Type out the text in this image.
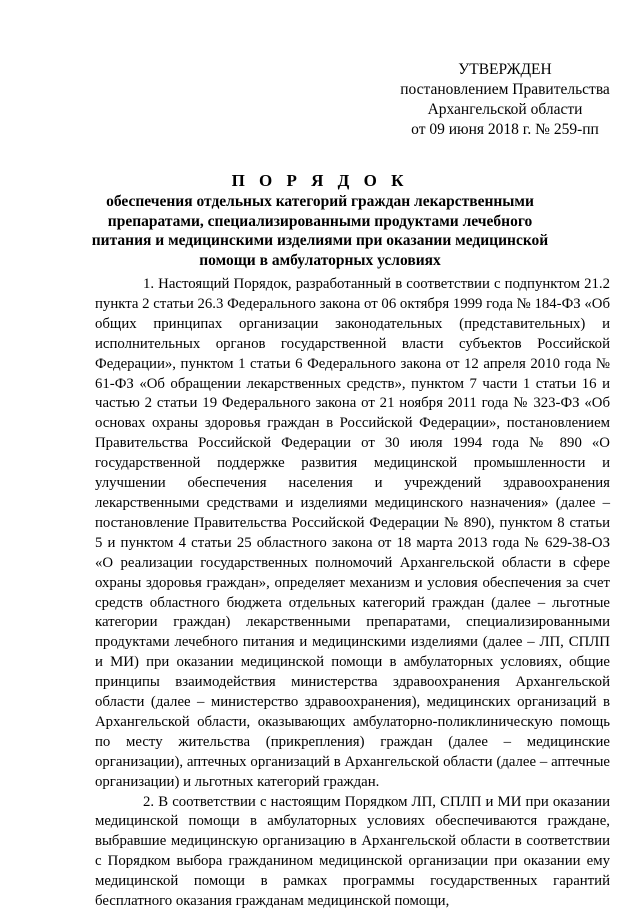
УТВЕРЖДЕН
постановлением Правительства
Архангельской области
от 09 июня 2018 г. № 259-пп
П О Р Я Д О К
обеспечения отдельных категорий граждан лекарственными препаратами, специализированными продуктами лечебного питания и медицинскими изделиями при оказании медицинской помощи в амбулаторных условиях

1. Настоящий Порядок, разработанный в соответствии с подпунктом 21.2 пункта 2 статьи 26.3 Федерального закона от 06 октября 1999 года № 184-ФЗ «Об общих принципах организации законодательных (представительных) и исполнительных органов государственной власти субъектов Российской Федерации», пунктом 1 статьи 6 Федерального закона от 12 апреля 2010 года № 61-ФЗ «Об обращении лекарственных средств», пунктом 7 части 1 статьи 16 и частью 2 статьи 19 Федерального закона от 21 ноября 2011 года № 323-ФЗ «Об основах охраны здоровья граждан в Российской Федерации», постановлением Правительства Российской Федерации от 30 июля 1994 года № 890 «О государственной поддержке развития медицинской промышленности и улучшении обеспечения населения и учреждений здравоохранения лекарственными средствами и изделиями медицинского назначения» (далее – постановление Правительства Российской Федерации № 890), пунктом 8 статьи 5 и пунктом 4 статьи 25 областного закона от 18 марта 2013 года № 629-38-ОЗ «О реализации государственных полномочий Архангельской области в сфере охраны здоровья граждан», определяет механизм и условия обеспечения за счет средств областного бюджета отдельных категорий граждан (далее – льготные категории граждан) лекарственными препаратами, специализированными продуктами лечебного питания и медицинскими изделиями (далее – ЛП, СПЛП и МИ) при оказании медицинской помощи в амбулаторных условиях, общие принципы взаимодействия министерства здравоохранения Архангельской области (далее – министерство здравоохранения), медицинских организаций в Архангельской области, оказывающих амбулаторно-поликлиническую помощь по месту жительства (прикрепления) граждан (далее – медицинские организации), аптечных организаций в Архангельской области (далее – аптечные организации) и льготных категорий граждан.

2. В соответствии с настоящим Порядком ЛП, СПЛП и МИ при оказании медицинской помощи в амбулаторных условиях обеспечиваются граждане, выбравшие медицинскую организацию в Архангельской области в соответствии с Порядком выбора гражданином медицинской организации при оказании ему медицинской помощи в рамках программы государственных гарантий бесплатного оказания гражданам медицинской помощи,
